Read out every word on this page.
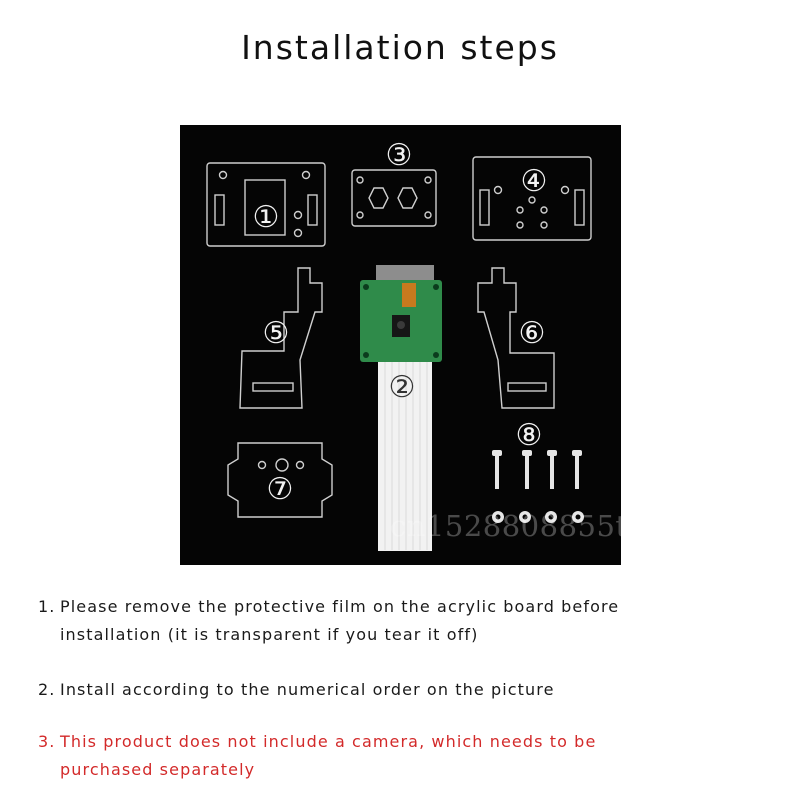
Installation steps
①
②
③
④
⑤	⑥
⑦
⑧
cn1528808855tnbh
1. Please remove the protective film on the acrylic board before
installation (it is transparent if you tear it off)
2. Install according to the numerical order on the picture
3. This product does not include a camera, which needs to be
purchased separately
